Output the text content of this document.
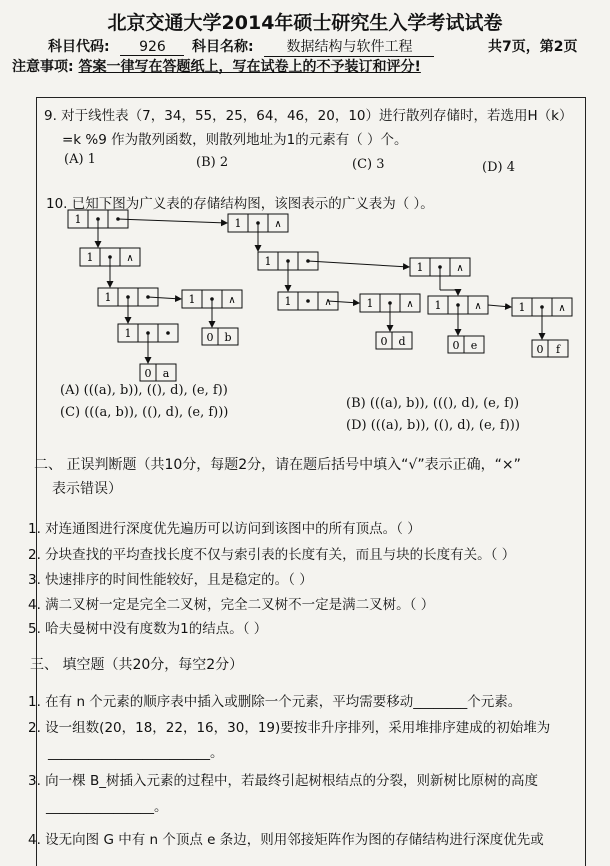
北京交通大学2014年硕士研究生入学考试试卷
科目代码: 926	科目名称: 数据结构与软件工程	共7页，第2页
注意事项: 答案一律写在答题纸上，写在试卷上的不予装订和评分!
9. 对于线性表（7，34，55，25，64，46，20，10）进行散列存储时，若选用H（k）
=k %9 作为散列函数，则散列地址为1的元素有（ ）个。
(A) 1	(B) 2	(C) 3	(D) 4
10. 已知下图为广义表的存储结构图，该图表示的广义表为（ ）。
1	1	∧
1	∧	1	1	∧
1	1	∧	1	∧	1	∧ 1	∧
1
1	∧
0 b
0 a
0 d	0 e	0 f
(A) (((a), b)), ((), d), (e, f))
(B) (((a), b)), (((), d), (e, f))
(C) (((a, b)), ((), d), (e, f)))
(D) (((a), b)), ((), d), (e, f)))
二、 正误判断题（共10分，每题2分，请在题后括号中填入“√”表示正确，“×”
表示错误）
1. 对连通图进行深度优先遍历可以访问到该图中的所有顶点。（ ）
2. 分块查找的平均查找长度不仅与索引表的长度有关，而且与块的长度有关。（ ）
3. 快速排序的时间性能较好，且是稳定的。（ ）
4. 满二叉树一定是完全二叉树，完全二叉树不一定是满二叉树。（ ）
5. 哈夫曼树中没有度数为1的结点。（ ）
三、 填空题（共20分，每空2分）
1. 在有 n 个元素的顺序表中插入或删除一个元素，平均需要移动________个元素。
2. 设一组数(20，18，22，16，30，19)要按非升序排列，采用堆排序建成的初始堆为
________________________。
3. 向一棵 B_树插入元素的过程中，若最终引起树根结点的分裂，则新树比原树的高度
________________。
4. 设无向图 G 中有 n 个顶点 e 条边，则用邻接矩阵作为图的存储结构进行深度优先或
